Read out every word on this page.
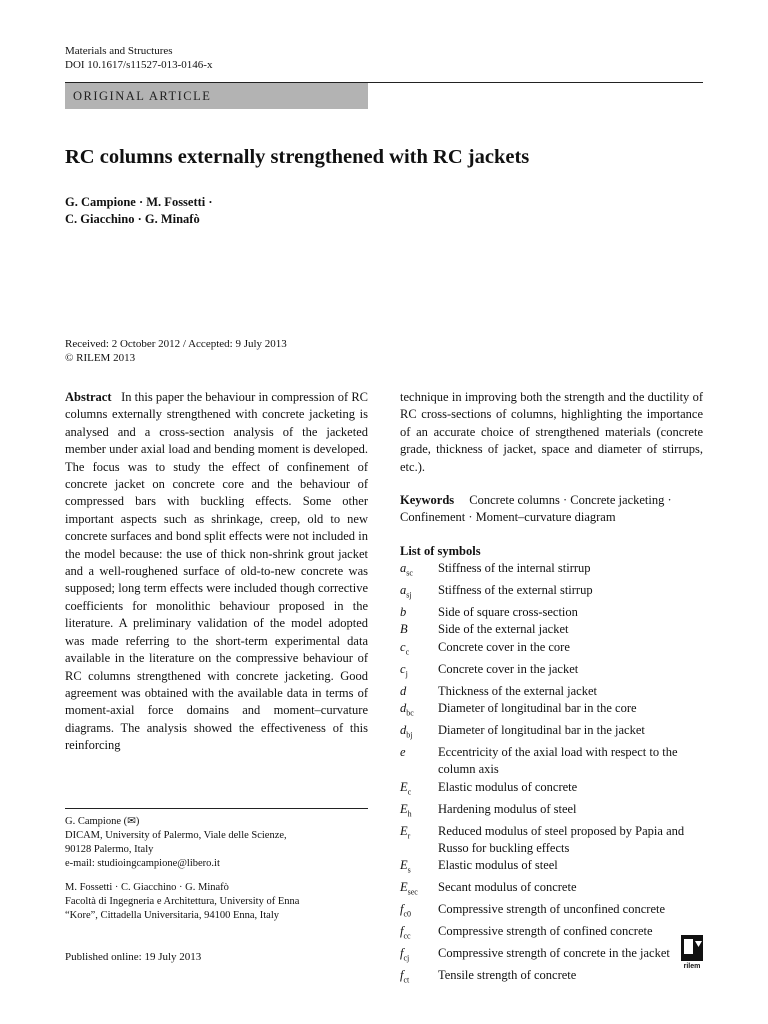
Materials and Structures
DOI 10.1617/s11527-013-0146-x
ORIGINAL ARTICLE
RC columns externally strengthened with RC jackets
G. Campione · M. Fossetti ·
C. Giacchino · G. Minafò
Received: 2 October 2012 / Accepted: 9 July 2013
© RILEM 2013
Abstract In this paper the behaviour in compression of RC columns externally strengthened with concrete jacketing is analysed and a cross-section analysis of the jacketed member under axial load and bending moment is developed. The focus was to study the effect of confinement of concrete jacket on concrete core and the behaviour of compressed bars with buckling effects. Some other important aspects such as shrinkage, creep, old to new concrete surfaces and bond split effects were not included in the model because: the use of thick non-shrink grout jacket and a well-roughened surface of old-to-new concrete was supposed; long term effects were included though corrective coefficients for monolithic behaviour proposed in the literature. A preliminary validation of the model adopted was made referring to the short-term experimental data available in the literature on the compressive behaviour of RC columns strengthened with concrete jacketing. Good agreement was obtained with the available data in terms of moment-axial force domains and moment–curvature diagrams. The analysis showed the effectiveness of this reinforcing
technique in improving both the strength and the ductility of RC cross-sections of columns, highlighting the importance of an accurate choice of strengthened materials (concrete grade, thickness of jacket, space and diameter of stirrups, etc.).
Keywords Concrete columns · Concrete jacketing · Confinement · Moment–curvature diagram
List of symbols
$a_{sc}$	Stiffness of the internal stirrup
$a_{sj}$	Stiffness of the external stirrup
b	Side of square cross-section
B	Side of the external jacket
$c_c$	Concrete cover in the core
$c_j$	Concrete cover in the jacket
d	Thickness of the external jacket
$d_{bc}$	Diameter of longitudinal bar in the core
$d_{bj}$	Diameter of longitudinal bar in the jacket
e	Eccentricity of the axial load with respect to the column axis
$E_c$	Elastic modulus of concrete
$E_h$	Hardening modulus of steel
$E_r$	Reduced modulus of steel proposed by Papia and Russo for buckling effects
$E_s$	Elastic modulus of steel
$E_{sec}$	Secant modulus of concrete
$f_{c0}$	Compressive strength of unconfined concrete
$f_{cc}$	Compressive strength of confined concrete
$f_{cj}$	Compressive strength of concrete in the jacket
$f_{ct}$	Tensile strength of concrete
G. Campione (✉)
DICAM, University of Palermo, Viale delle Scienze,
90128 Palermo, Italy
e-mail: studioingcampione@libero.it
M. Fossetti · C. Giacchino · G. Minafò
Facoltà di Ingegneria e Architettura, University of Enna
“Kore”, Cittadella Universitaria, 94100 Enna, Italy
Published online: 19 July 2013
rilem
